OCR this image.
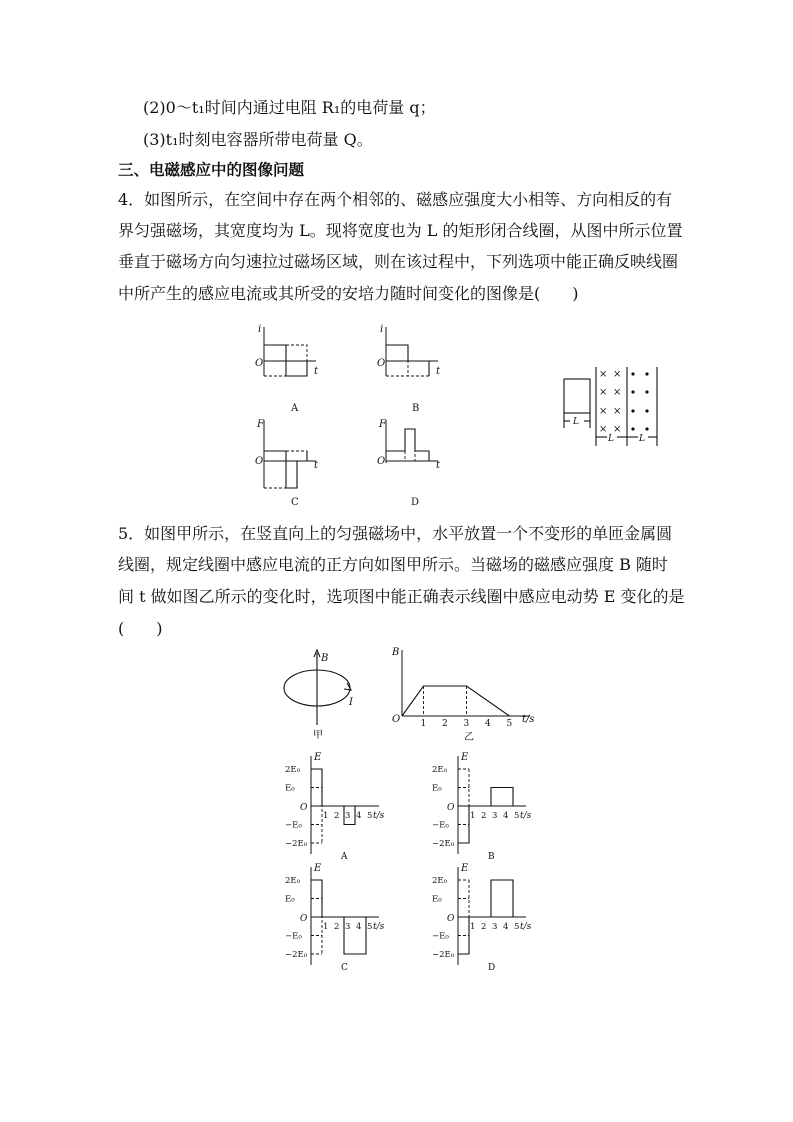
(2)0～t₁时间内通过电阻 R₁的电荷量 q；
(3)t₁时刻电容器所带电荷量 Q。
三、电磁感应中的图像问题
4．如图所示，在空间中存在两个相邻的、磁感应强度大小相等、方向相反的有
界匀强磁场，其宽度均为 L。现将宽度也为 L 的矩形闭合线圈，从图中所示位置
垂直于磁场方向匀速拉过磁场区域，则在该过程中，下列选项中能正确反映线圈
中所产生的感应电流或其所受的安培力随时间变化的图像是(　　)
5．如图甲所示，在竖直向上的匀强磁场中，水平放置一个不变形的单匝金属圆
线圈，规定线圈中感应电流的正方向如图甲所示。当磁场的磁感应强度 B 随时
间 t 做如图乙所示的变化时，选项图中能正确表示线圈中感应电动势 E 变化的是
(　　)
i
O
t
A
i
O
t
B
F
O	t
C
F
O	t
D
L
× ×
× ×
× ×
× ×
L	L
B
I
甲
B
O 1 2 3 4 5 t/s
乙
E
O
2E₀
E₀
−E₀
−2E₀
1 2 3 4 5 t/s
A
E
O
2E₀
E₀
−E₀
−2E₀
1 2 3 4 5 t/s
B
E
O
2E₀
E₀
−E₀
−2E₀
1 2 3 4 5 t/s
C
E
O
2E₀
E₀
−E₀
−2E₀
1 2 3 4 5 t/s
D
